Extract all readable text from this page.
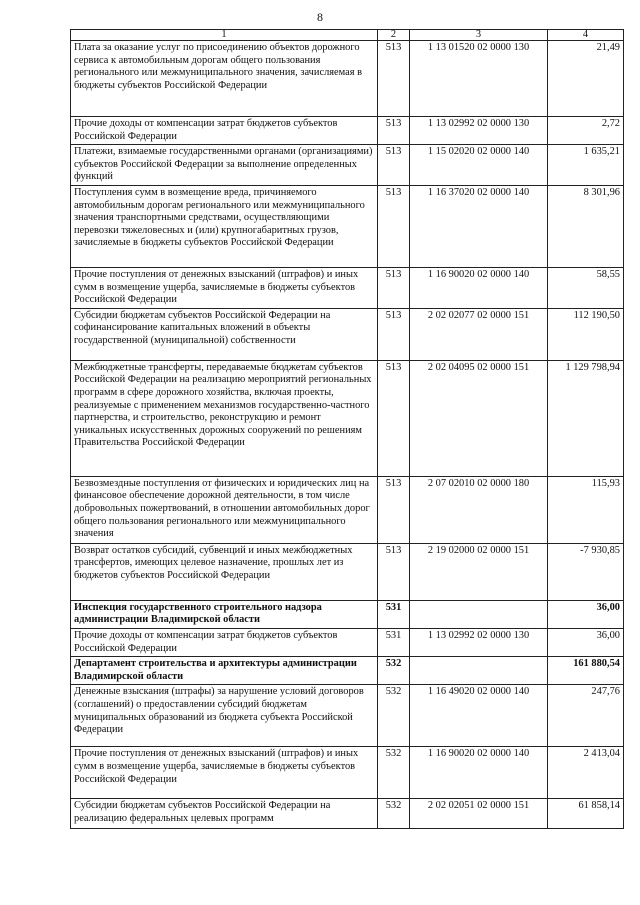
8
1	2	3	4
Плата за оказание услуг по присоединению объектов дорожного сервиса к автомобильным дорогам общего пользования регионального или межмуниципального значения, зачисляемая в бюджеты субъектов Российской Федерации	513	1 13 01520 02 0000 130	21,49
Прочие доходы от компенсации затрат бюджетов субъектов Российской Федерации	513	1 13 02992 02 0000 130	2,72
Платежи, взимаемые государственными органами (организациями) субъектов Российской Федерации за выполнение определенных функций	513	1 15 02020 02 0000 140	1 635,21
Поступления сумм в возмещение вреда, причиняемого автомобильным дорогам регионального или межмуниципального значения транспортными средствами, осуществляющими перевозки тяжеловесных и (или) крупногабаритных грузов, зачисляемые в бюджеты субъектов Российской Федерации	513	1 16 37020 02 0000 140	8 301,96
Прочие поступления от денежных взысканий (штрафов) и иных сумм в возмещение ущерба, зачисляемые в бюджеты субъектов Российской Федерации	513	1 16 90020 02 0000 140	58,55
Субсидии бюджетам субъектов Российской Федерации на софинансирование капитальных вложений в объекты государственной (муниципальной) собственности	513	2 02 02077 02 0000 151	112 190,50
Межбюджетные трансферты, передаваемые бюджетам субъектов Российской Федерации на реализацию мероприятий региональных программ в сфере дорожного хозяйства, включая проекты, реализуемые с применением механизмов государственно-частного партнерства, и строительство, реконструкцию и ремонт уникальных искусственных дорожных сооружений по решениям Правительства Российской Федерации	513	2 02 04095 02 0000 151	1 129 798,94
Безвозмездные поступления от физических и юридических лиц на финансовое обеспечение дорожной деятельности, в том числе добровольных пожертвований, в отношении автомобильных дорог общего пользования регионального или межмуниципального значения	513	2 07 02010 02 0000 180	115,93
Возврат остатков субсидий, субвенций и иных межбюджетных трансфертов, имеющих целевое назначение, прошлых лет из бюджетов субъектов Российской Федерации	513	2 19 02000 02 0000 151	-7 930,85
Инспекция государственного строительного надзора администрации Владимирской области	531		36,00
Прочие доходы от компенсации затрат бюджетов субъектов Российской Федерации	531	1 13 02992 02 0000 130	36,00
Департамент строительства и архитектуры администрации Владимирской области	532		161 880,54
Денежные взыскания (штрафы) за нарушение условий договоров (соглашений) о предоставлении субсидий бюджетам муниципальных образований из бюджета субъекта Российской Федерации	532	1 16 49020 02 0000 140	247,76
Прочие поступления от денежных взысканий (штрафов) и иных сумм в возмещение ущерба, зачисляемые в бюджеты субъектов Российской Федерации	532	1 16 90020 02 0000 140	2 413,04
Субсидии бюджетам субъектов Российской Федерации на реализацию федеральных целевых программ	532	2 02 02051 02 0000 151	61 858,14
